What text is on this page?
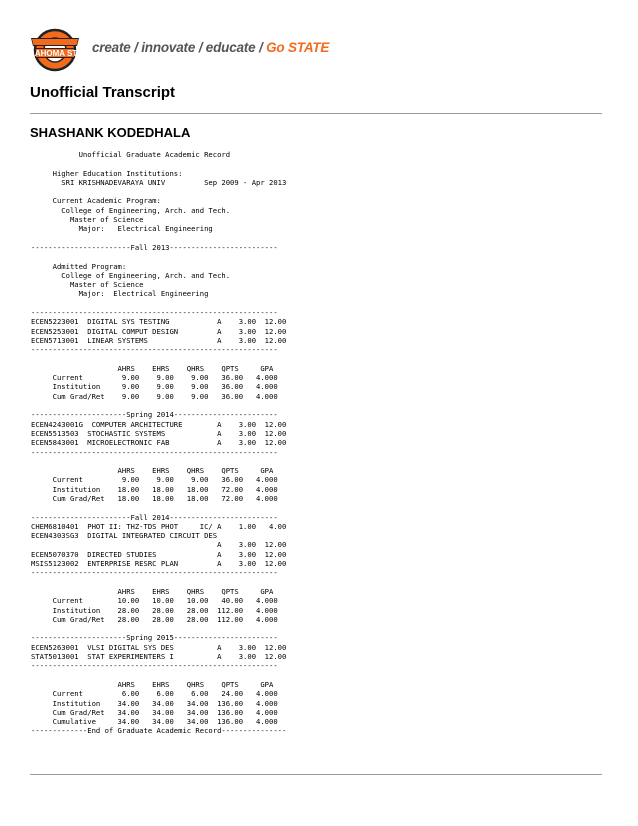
OKLAHOMA STATE create / innovate / educate / Go STATE
Unofficial Transcript
SHASHANK KODEDHALA
Unofficial Graduate Academic Record

Higher Education Institutions:
SRI KRISHNADEVARAYA UNIV         Sep 2009 - Apr 2013

Current Academic Program:
College of Engineering, Arch. and Tech.
Master of Science
Major:   Electrical Engineering

-----------------------Fall 2013-------------------------

Admitted Program:
College of Engineering, Arch. and Tech.
Master of Science
Major:  Electrical Engineering

---------------------------------------------------------
ECEN5223001  DIGITAL SYS TESTING           A    3.00  12.00
ECEN5253001  DIGITAL COMPUT DESIGN         A    3.00  12.00
ECEN5713001  LINEAR SYSTEMS                A    3.00  12.00
---------------------------------------------------------

AHRS    EHRS    QHRS    QPTS     GPA
Current         9.00    9.00    9.00   36.00   4.000
Institution     9.00    9.00    9.00   36.00   4.000
Cum Grad/Ret    9.00    9.00    9.00   36.00   4.000

----------------------Spring 2014------------------------
ECEN4243001G  COMPUTER ARCHITECTURE        A    3.00  12.00
ECEN5513503  STOCHASTIC SYSTEMS            A    3.00  12.00
ECEN5843001  MICROELECTRONIC FAB           A    3.00  12.00
---------------------------------------------------------

AHRS    EHRS    QHRS    QPTS     GPA
Current         9.00    9.00    9.00   36.00   4.000
Institution    18.00   18.00   18.00   72.00   4.000
Cum Grad/Ret   18.00   18.00   18.00   72.00   4.000

-----------------------Fall 2014-------------------------
CHEM6810401  PHOT II: THZ-TDS PHOT     IC/ A    1.00   4.00
ECEN4303SG3  DIGITAL INTEGRATED CIRCUIT DES
A    3.00  12.00
ECEN5070370  DIRECTED STUDIES              A    3.00  12.00
MSIS5123002  ENTERPRISE RESRC PLAN         A    3.00  12.00
---------------------------------------------------------

AHRS    EHRS    QHRS    QPTS     GPA
Current        10.00   10.00   10.00   40.00   4.000
Institution    28.00   28.00   28.00  112.00   4.000
Cum Grad/Ret   28.00   28.00   28.00  112.00   4.000

----------------------Spring 2015------------------------
ECEN5263001  VLSI DIGITAL SYS DES          A    3.00  12.00
STAT5013001  STAT EXPERIMENTERS I          A    3.00  12.00
---------------------------------------------------------

AHRS    EHRS    QHRS    QPTS     GPA
Current         6.00    6.00    6.00   24.00   4.000
Institution    34.00   34.00   34.00  136.00   4.000
Cum Grad/Ret   34.00   34.00   34.00  136.00   4.000
Cumulative     34.00   34.00   34.00  136.00   4.000
-------------End of Graduate Academic Record---------------
